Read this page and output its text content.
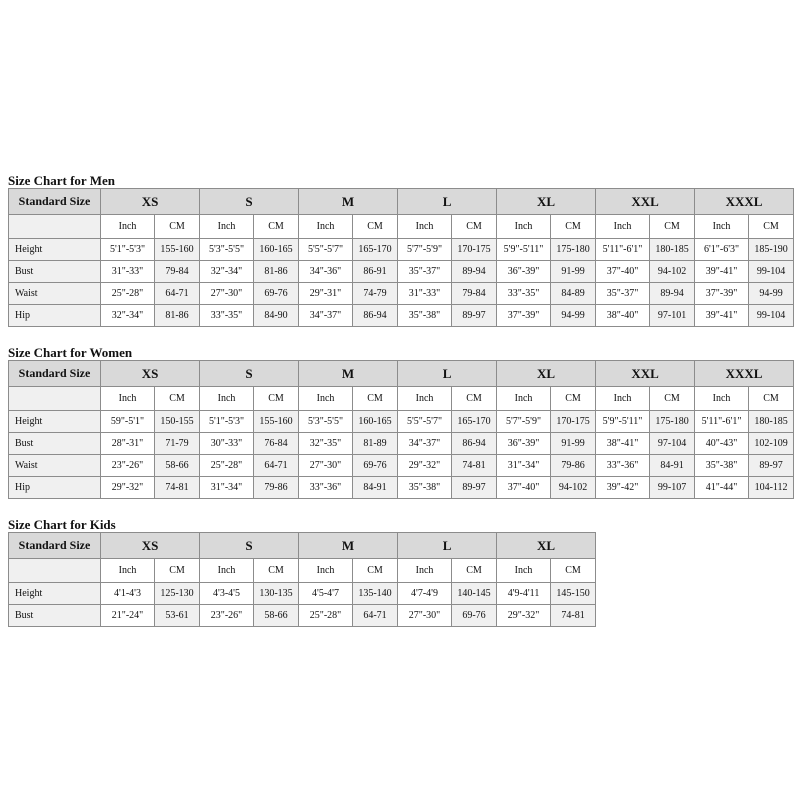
Size Chart for Men
Standard Size	XS		S		M		L		XL		XXL		XXXL	
	Inch	CM	Inch	CM	Inch	CM	Inch	CM	Inch	CM	Inch	CM	Inch	CM
Height	5'1"-5'3"	155-160	5'3"-5'5"	160-165	5'5"-5'7"	165-170	5'7"-5'9"	170-175	5'9"-5'11"	175-180	5'11"-6'1"	180-185	6'1"-6'3"	185-190
Bust	31"-33"	79-84	32"-34"	81-86	34"-36"	86-91	35"-37"	89-94	36"-39"	91-99	37"-40"	94-102	39"-41"	99-104
Waist	25"-28"	64-71	27"-30"	69-76	29"-31"	74-79	31"-33"	79-84	33"-35"	84-89	35"-37"	89-94	37"-39"	94-99
Hip	32"-34"	81-86	33"-35"	84-90	34"-37"	86-94	35"-38"	89-97	37"-39"	94-99	38"-40"	97-101	39"-41"	99-104
Size Chart for Women
Standard Size	XS		S		M		L		XL		XXL		XXXL	
	Inch	CM	Inch	CM	Inch	CM	Inch	CM	Inch	CM	Inch	CM	Inch	CM
Height	59"-5'1"	150-155	5'1"-5'3"	155-160	5'3"-5'5"	160-165	5'5"-5'7"	165-170	5'7"-5'9"	170-175	5'9"-5'11"	175-180	5'11"-6'1"	180-185
Bust	28"-31"	71-79	30"-33"	76-84	32"-35"	81-89	34"-37"	86-94	36"-39"	91-99	38"-41"	97-104	40"-43"	102-109
Waist	23"-26"	58-66	25"-28"	64-71	27"-30"	69-76	29"-32"	74-81	31"-34"	79-86	33"-36"	84-91	35"-38"	89-97
Hip	29"-32"	74-81	31"-34"	79-86	33"-36"	84-91	35"-38"	89-97	37"-40"	94-102	39"-42"	99-107	41"-44"	104-112
Size Chart for Kids
Standard Size	XS		S		M		L		XL	
	Inch	CM	Inch	CM	Inch	CM	Inch	CM	Inch	CM
Height	4'1-4'3	125-130	4'3-4'5	130-135	4'5-4'7	135-140	4'7-4'9	140-145	4'9-4'11	145-150
Bust	21"-24"	53-61	23"-26"	58-66	25"-28"	64-71	27"-30"	69-76	29"-32"	74-81
